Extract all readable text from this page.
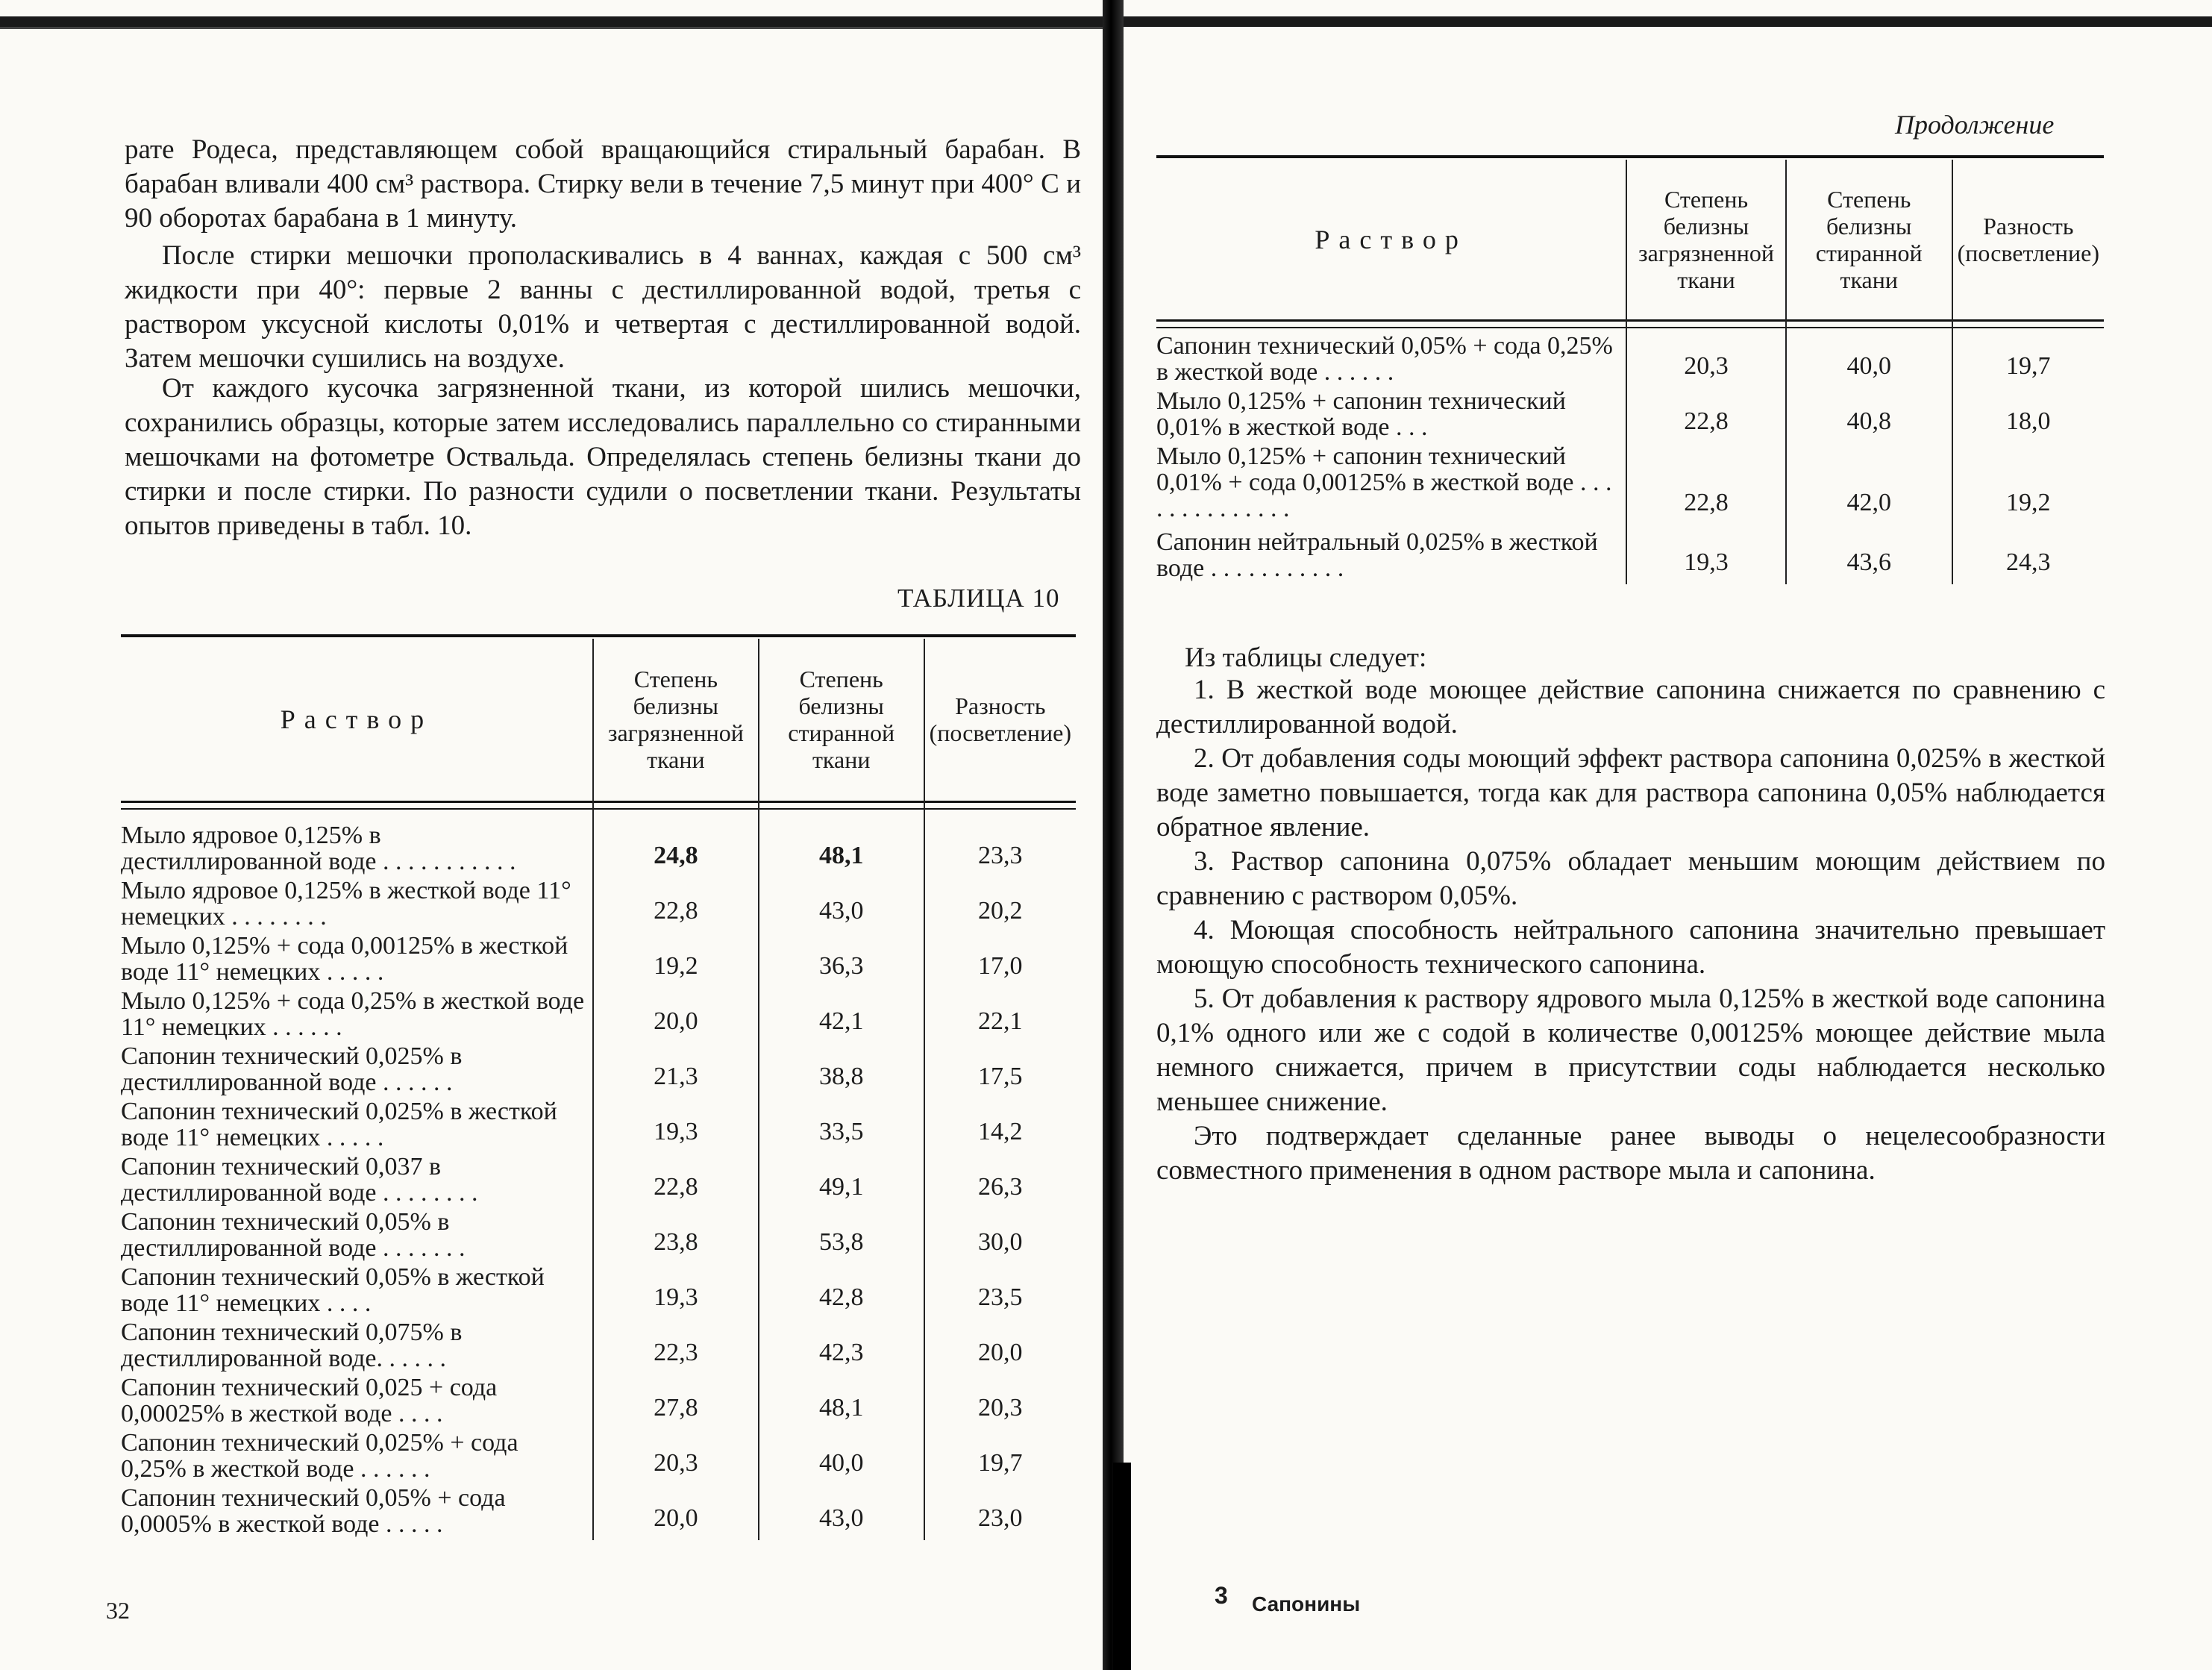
рате Родеса, представляющем собой вращающийся стиральный барабан. В барабан вливали 400 см³ раствора. Стирку вели в течение 7,5 минут при 400° С и 90 оборотах барабана в 1 минуту.

После стирки мешочки прополаскивались в 4 ваннах, каждая с 500 см³ жидкости при 40°: первые 2 ванны с дестиллированной водой, третья с раствором уксусной кислоты 0,01% и четвертая с дестиллированной водой. Затем мешочки сушились на воздухе.

От каждого кусочка загрязненной ткани, из которой шились мешочки, сохранились образцы, которые затем исследовались параллельно со стиранными мешочками на фотометре Оствальда. Определялась степень белизны ткани до стирки и после стирки. По разности судили о посветлении ткани. Результаты опытов приведены в табл. 10.

ТАБЛИЦА 10
Раствор	Степень белизны загрязненной ткани	Степень белизны стиранной ткани	Разность (посветление)

Мыло ядровое 0,125% в дестиллированной воде . . . . . . . . . . .	24,8	48,1	23,3
Мыло ядровое 0,125% в жесткой воде 11° немецких . . . . . . . .	22,8	43,0	20,2
Мыло 0,125% + сода 0,00125% в жесткой воде 11° немецких . . . . .	19,2	36,3	17,0
Мыло 0,125% + сода 0,25% в жесткой воде 11° немецких . . . . . .	20,0	42,1	22,1
Сапонин технический 0,025% в дестиллированной воде . . . . . .	21,3	38,8	17,5
Сапонин технический 0,025% в жесткой воде 11° немецких . . . . .	19,3	33,5	14,2
Сапонин технический 0,037 в дестиллированной воде . . . . . . . .	22,8	49,1	26,3
Сапонин технический 0,05% в дестиллированной воде . . . . . . .	23,8	53,8	30,0
Сапонин технический 0,05% в жесткой воде 11° немецких . . . .	19,3	42,8	23,5
Сапонин технический 0,075% в дестиллированной воде. . . . . .	22,3	42,3	20,0
Сапонин технический 0,025 + сода 0,00025% в жесткой воде . . . .	27,8	48,1	20,3
Сапонин технический 0,025% + сода 0,25% в жесткой воде . . . . . .	20,3	40,0	19,7
Сапонин технический 0,05% + сода 0,0005% в жесткой воде . . . . .	20,0	43,0	23,0
32
Продолжение
Раствор	Степень белизны загрязненной ткани	Степень белизны стиранной ткани	Разность (посветление)

Сапонин технический 0,05% + сода 0,25% в жесткой воде . . . . . .	20,3	40,0	19,7
Мыло 0,125% + сапонин технический 0,01% в жесткой воде . . .	22,8	40,8	18,0
Мыло 0,125% + сапонин технический 0,01% + сода 0,00125% в жесткой воде . . . . . . . . . . . . . .	22,8	42,0	19,2
Сапонин нейтральный 0,025% в жесткой воде . . . . . . . . . . .	19,3	43,6	24,3
Из таблицы следует:
1. В жесткой воде моющее действие сапонина снижается по сравнению с дестиллированной водой.
2. От добавления соды моющий эффект раствора сапонина 0,025% в жесткой воде заметно повышается, тогда как для раствора сапонина 0,05% наблюдается обратное явление.
3. Раствор сапонина 0,075% обладает меньшим моющим действием по сравнению с раствором 0,05%.
4. Моющая способность нейтрального сапонина значительно превышает моющую способность технического сапонина.
5. От добавления к раствору ядрового мыла 0,125% в жесткой воде сапонина 0,1% одного или же с содой в количестве 0,00125% моющее действие мыла немного снижается, причем в присутствии соды наблюдается несколько меньшее снижение.
Это подтверждает сделанные ранее выводы о нецелесообразности совместного применения в одном растворе мыла и сапонина.
3 Сапонины
